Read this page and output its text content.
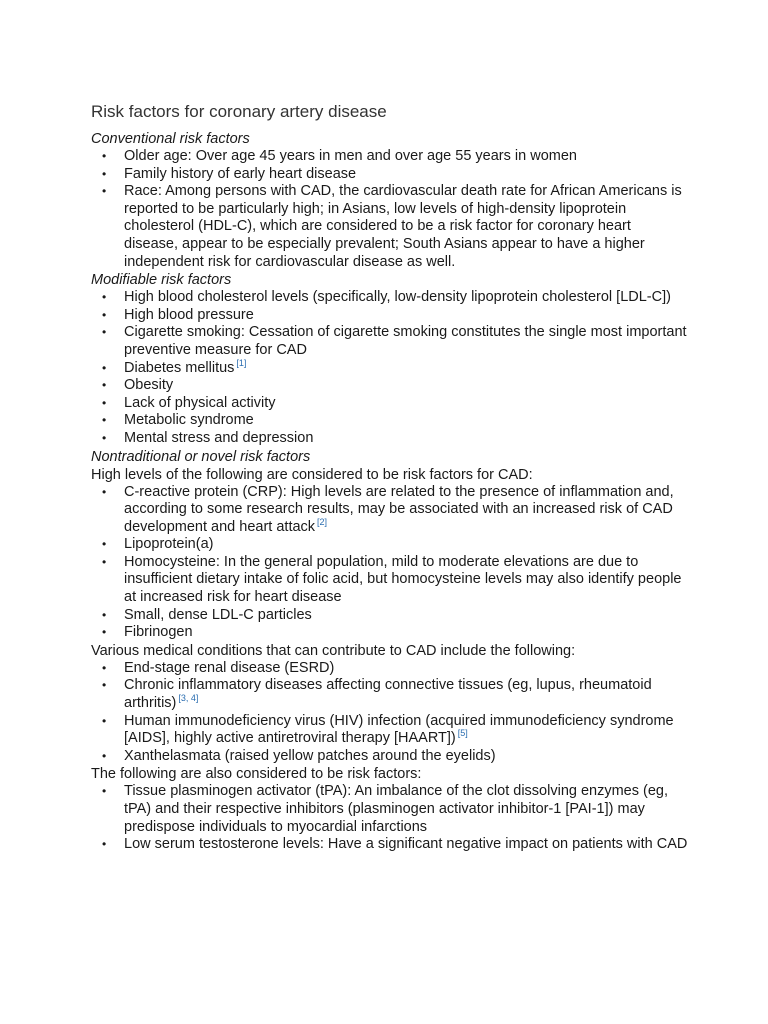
Risk factors for coronary artery disease
Conventional risk factors
• Older age: Over age 45 years in men and over age 55 years in women
• Family history of early heart disease
• Race: Among persons with CAD, the cardiovascular death rate for African Americans is reported to be particularly high; in Asians, low levels of high-density lipoprotein cholesterol (HDL-C), which are considered to be a risk factor for coronary heart disease, appear to be especially prevalent; South Asians appear to have a higher independent risk for cardiovascular disease as well.
Modifiable risk factors
• High blood cholesterol levels (specifically, low-density lipoprotein cholesterol [LDL-C])
• High blood pressure
• Cigarette smoking: Cessation of cigarette smoking constitutes the single most important preventive measure for CAD
• Diabetes mellitus [1]
• Obesity
• Lack of physical activity
• Metabolic syndrome
• Mental stress and depression
Nontraditional or novel risk factors

High levels of the following are considered to be risk factors for CAD:

• C-reactive protein (CRP): High levels are related to the presence of inflammation and, according to some research results, may be associated with an increased risk of CAD development and heart attack [2]
• Lipoprotein(a)
• Homocysteine: In the general population, mild to moderate elevations are due to insufficient dietary intake of folic acid, but homocysteine levels may also identify people at increased risk for heart disease
• Small, dense LDL-C particles
• Fibrinogen

Various medical conditions that can contribute to CAD include the following:

• End-stage renal disease (ESRD)
• Chronic inflammatory diseases affecting connective tissues (eg, lupus, rheumatoid arthritis) [3, 4]
• Human immunodeficiency virus (HIV) infection (acquired immunodeficiency syndrome [AIDS], highly active antiretroviral therapy [HAART]) [5]
• Xanthelasmata (raised yellow patches around the eyelids)

The following are also considered to be risk factors:

• Tissue plasminogen activator (tPA): An imbalance of the clot dissolving enzymes (eg, tPA) and their respective inhibitors (plasminogen activator inhibitor-1 [PAI-1]) may predispose individuals to myocardial infarctions
• Low serum testosterone levels: Have a significant negative impact on patients with CAD
